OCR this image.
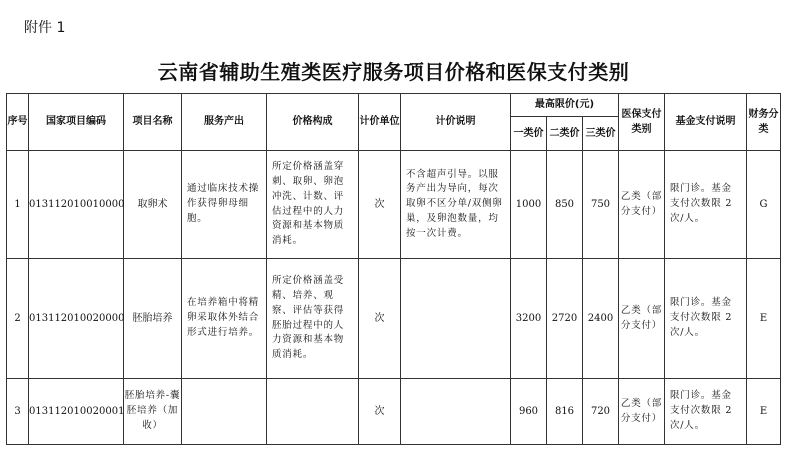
附件 1
云南省辅助生殖类医疗服务项目价格和医保支付类别
序号	国家项目编码	项目名称	服务产出	价格构成	计价单位	计价说明	最高限价(元)			医保支付类别	基金支付说明	财务分类
							一类价	二类价	三类价			
1	013112010010000	取卵术	通过临床技术操作获得卵母细胞。	所定价格涵盖穿刺、取卵、卵泡冲洗、计数、评估过程中的人力资源和基本物质消耗。	次	不含超声引导。以服务产出为导向，每次取卵不区分单/双侧卵巢，及卵泡数量，均按一次计费。	1000	850	750	乙类（部分支付）	限门诊。基金支付次数限 2 次/人。	G
2	013112010020000	胚胎培养	在培养箱中将精卵采取体外结合形式进行培养。	所定价格涵盖受精、培养、观察、评估等获得胚胎过程中的人力资源和基本物质消耗。	次		3200	2720	2400	乙类（部分支付）	限门诊。基金支付次数限 2 次/人。	E
3	013112010020001	胚胎培养-囊胚培养（加收）			次		960	816	720	乙类（部分支付）	限门诊。基金支付次数限 2 次/人。	E
